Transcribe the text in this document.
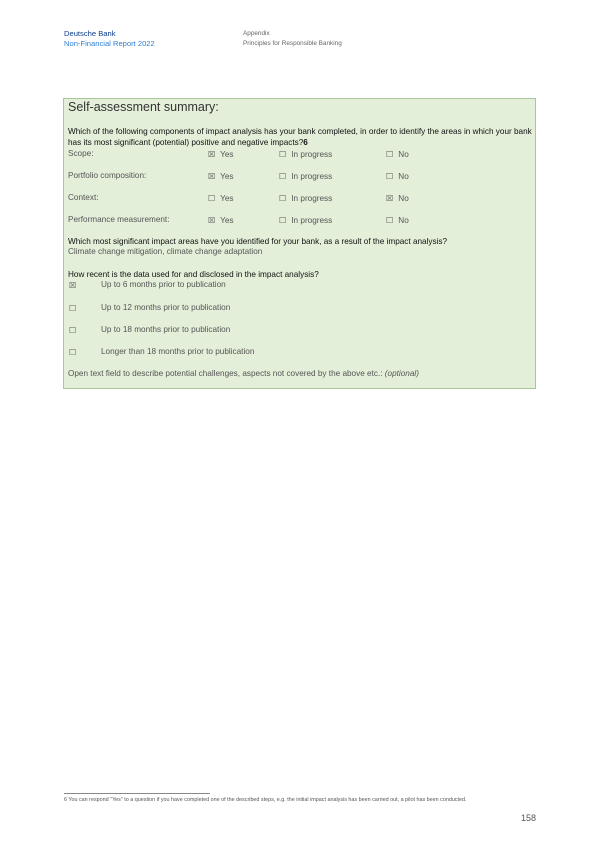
Deutsche Bank
Non-Financial Report 2022
Appendix
Principles for Responsible Banking
Self-assessment summary:
Which of the following components of impact analysis has your bank completed, in order to identify the areas in which your bank has its most significant (potential) positive and negative impacts?6
Scope:	☒ Yes	☐ In progress	☐ No
Portfolio composition:	☒ Yes	☐ In progress	☐ No
Context:	☐ Yes	☐ In progress	☒ No
Performance measurement:	☒ Yes	☐ In progress	☐ No
Which most significant impact areas have you identified for your bank, as a result of the impact analysis?
Climate change mitigation, climate change adaptation
How recent is the data used for and disclosed in the impact analysis?
☒	Up to 6 months prior to publication
☐	Up to 12 months prior to publication
☐	Up to 18 months prior to publication
☐	Longer than 18 months prior to publication
Open text field to describe potential challenges, aspects not covered by the above etc.: (optional)
6 You can respond "Yes" to a question if you have completed one of the described steps, e.g. the initial impact analysis has been carried out, a pilot has been conducted.
158
